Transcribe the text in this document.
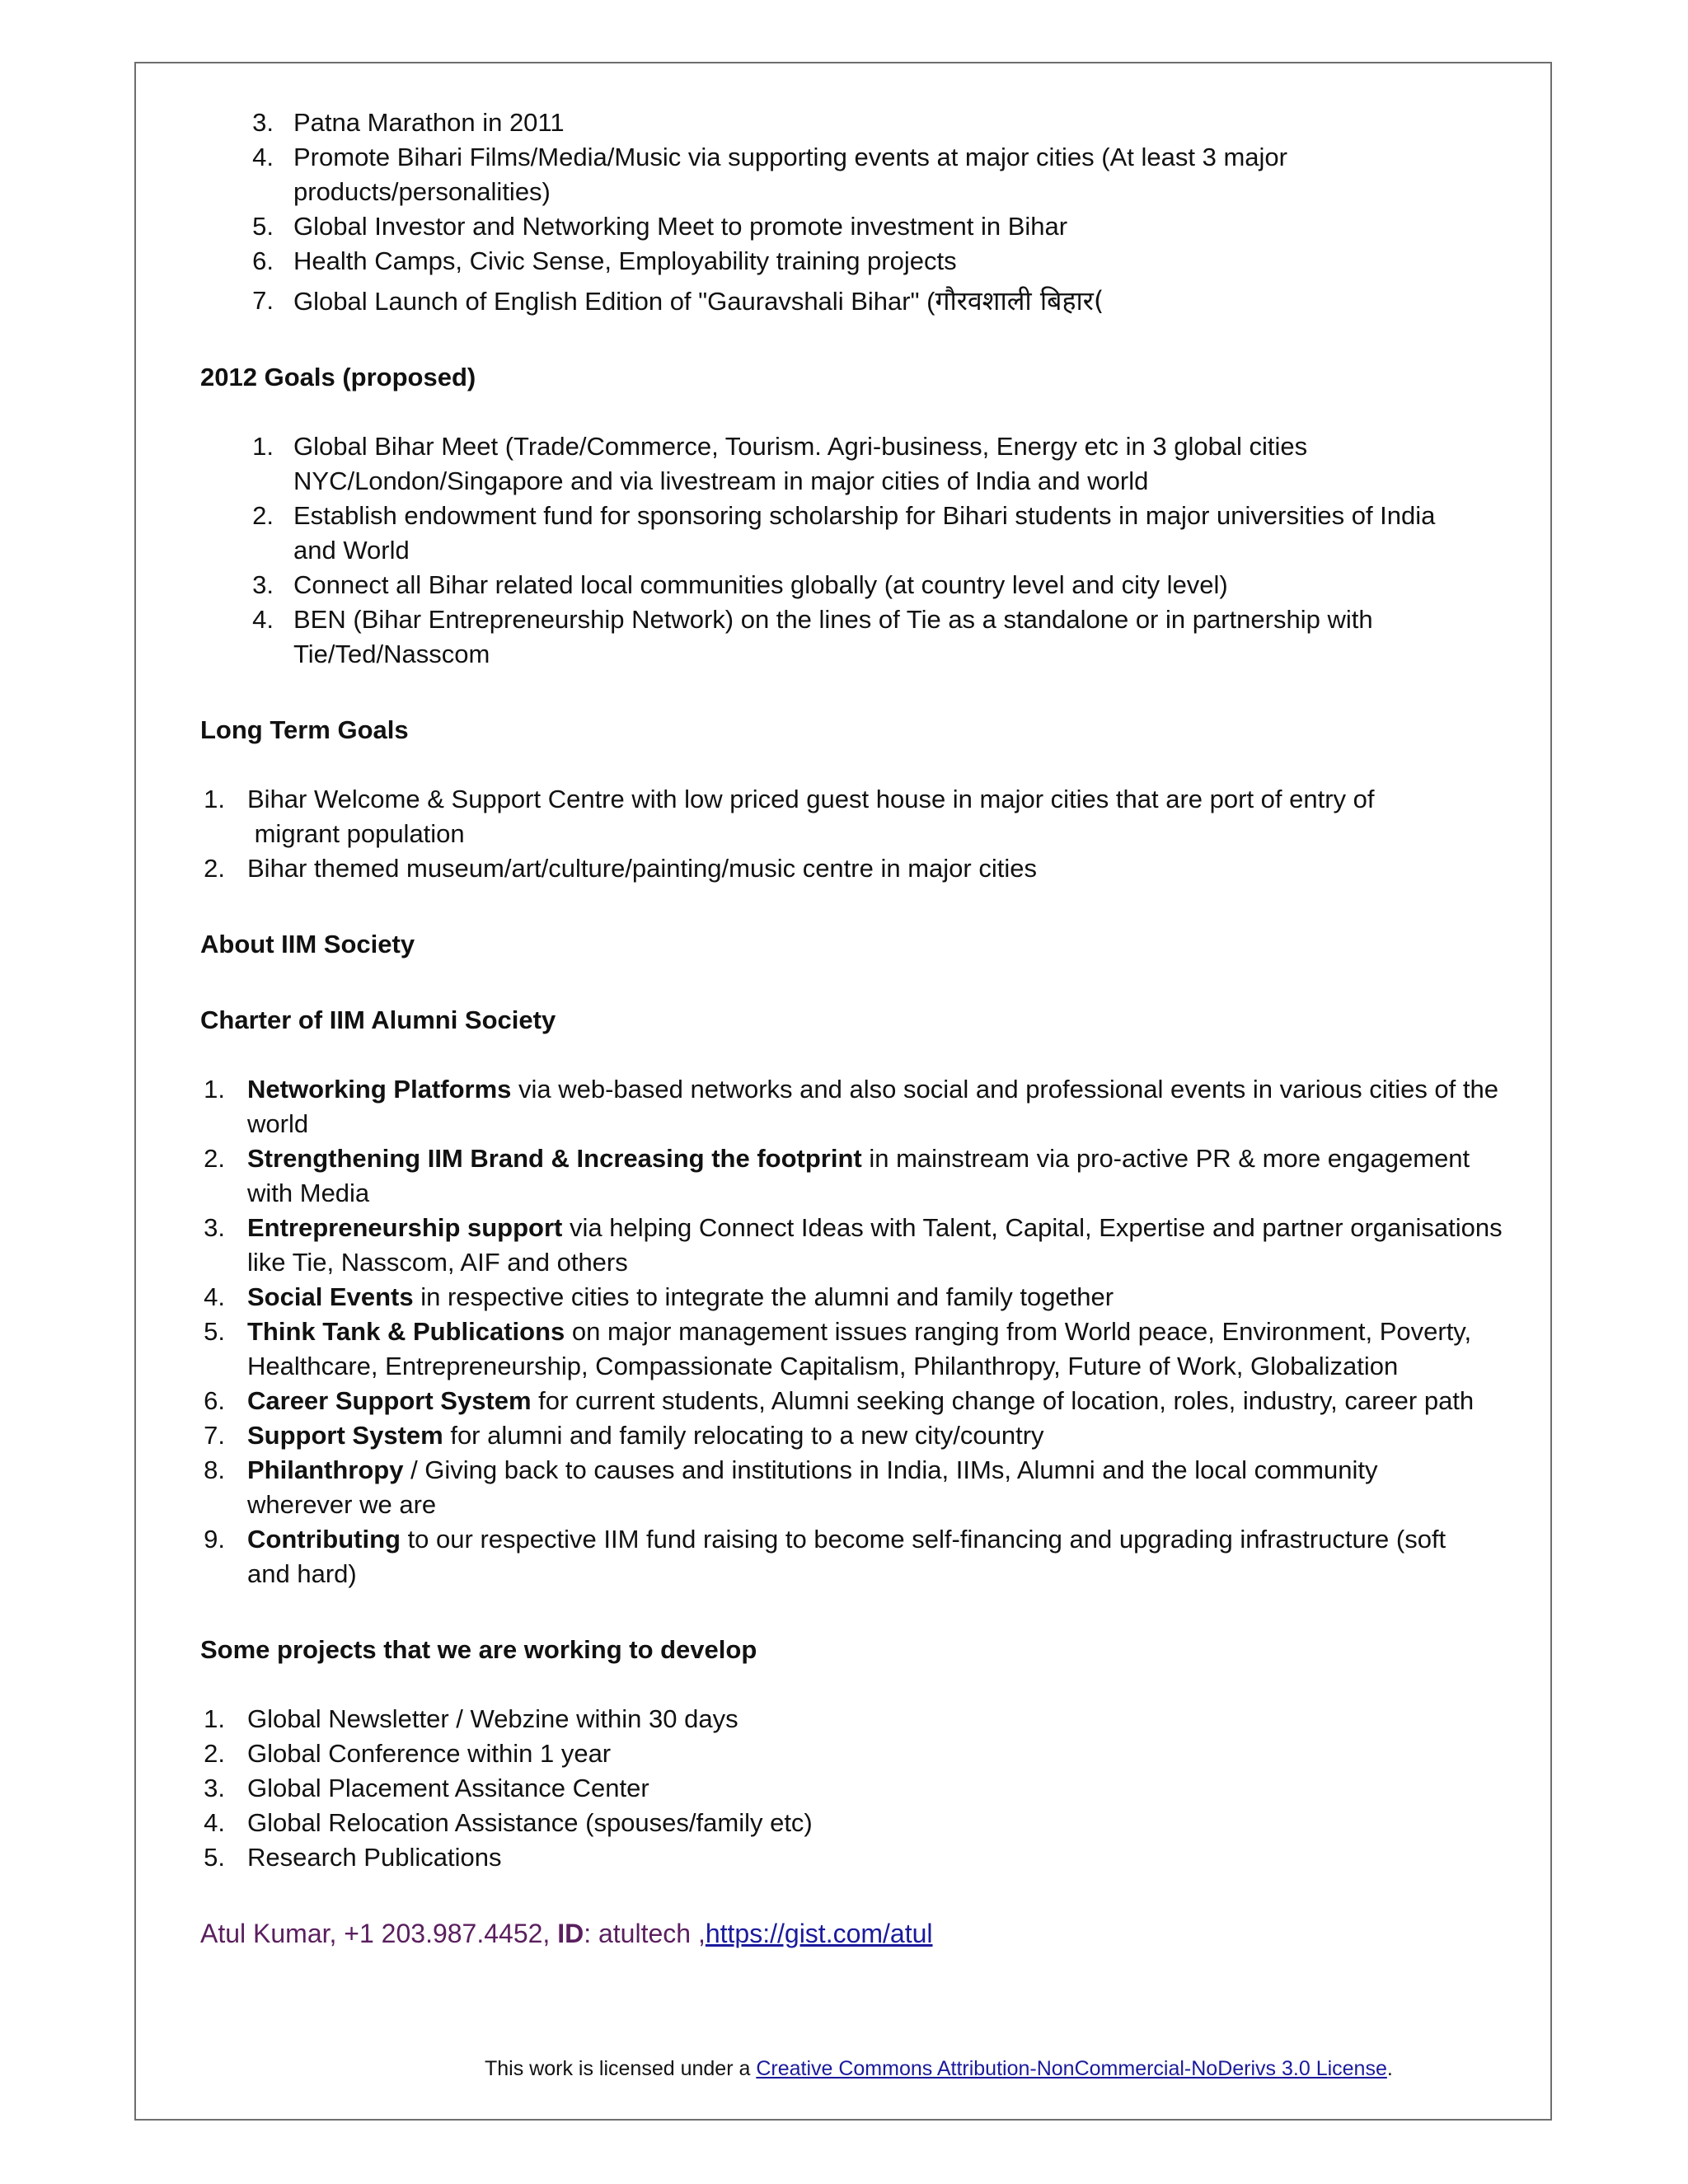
3. Patna Marathon in 2011
4. Promote Bihari Films/Media/Music via supporting events at major cities (At least 3 major
products/personalities)
5. Global Investor and Networking Meet to promote investment in Bihar
6. Health Camps, Civic Sense, Employability training projects
7. Global Launch of English Edition of "Gauravshali Bihar" (गौरवशाली बिहार(
2012 Goals (proposed)
1. Global Bihar Meet (Trade/Commerce, Tourism. Agri-business, Energy etc in 3 global cities
NYC/London/Singapore and via livestream in major cities of India and world
2. Establish endowment fund for sponsoring scholarship for Bihari students in major universities of India
and World
3. Connect all Bihar related local communities globally (at country level and city level)
4. BEN (Bihar Entrepreneurship Network) on the lines of Tie as a standalone or in partnership with
Tie/Ted/Nasscom
Long Term Goals
1. Bihar Welcome & Support Centre with low priced guest house in major cities that are port of entry of
migrant population
2. Bihar themed museum/art/culture/painting/music centre in major cities
About IIM Society
Charter of IIM Alumni Society
1. Networking Platforms via web-based networks and also social and professional events in various cities of the
world
2. Strengthening IIM Brand & Increasing the footprint in mainstream via pro-active PR & more engagement
with Media
3. Entrepreneurship support via helping Connect Ideas with Talent, Capital, Expertise and partner organisations
like Tie, Nasscom, AIF and others
4. Social Events in respective cities to integrate the alumni and family together
5. Think Tank & Publications on major management issues ranging from World peace, Environment, Poverty,
Healthcare, Entrepreneurship, Compassionate Capitalism, Philanthropy, Future of Work, Globalization
6. Career Support System for current students, Alumni seeking change of location, roles, industry, career path
7. Support System for alumni and family relocating to a new city/country
8. Philanthropy / Giving back to causes and institutions in India, IIMs, Alumni and the local community
wherever we are
9. Contributing to our respective IIM fund raising to become self-financing and upgrading infrastructure (soft
and hard)
Some projects that we are working to develop
1. Global Newsletter / Webzine within 30 days
2. Global Conference within 1 year
3. Global Placement Assitance Center
4. Global Relocation Assistance (spouses/family etc)
5. Research Publications
Atul Kumar, +1 203.987.4452, ID: atultech ,https://gist.com/atul
This work is licensed under a Creative Commons Attribution-NonCommercial-NoDerivs 3.0 License.
